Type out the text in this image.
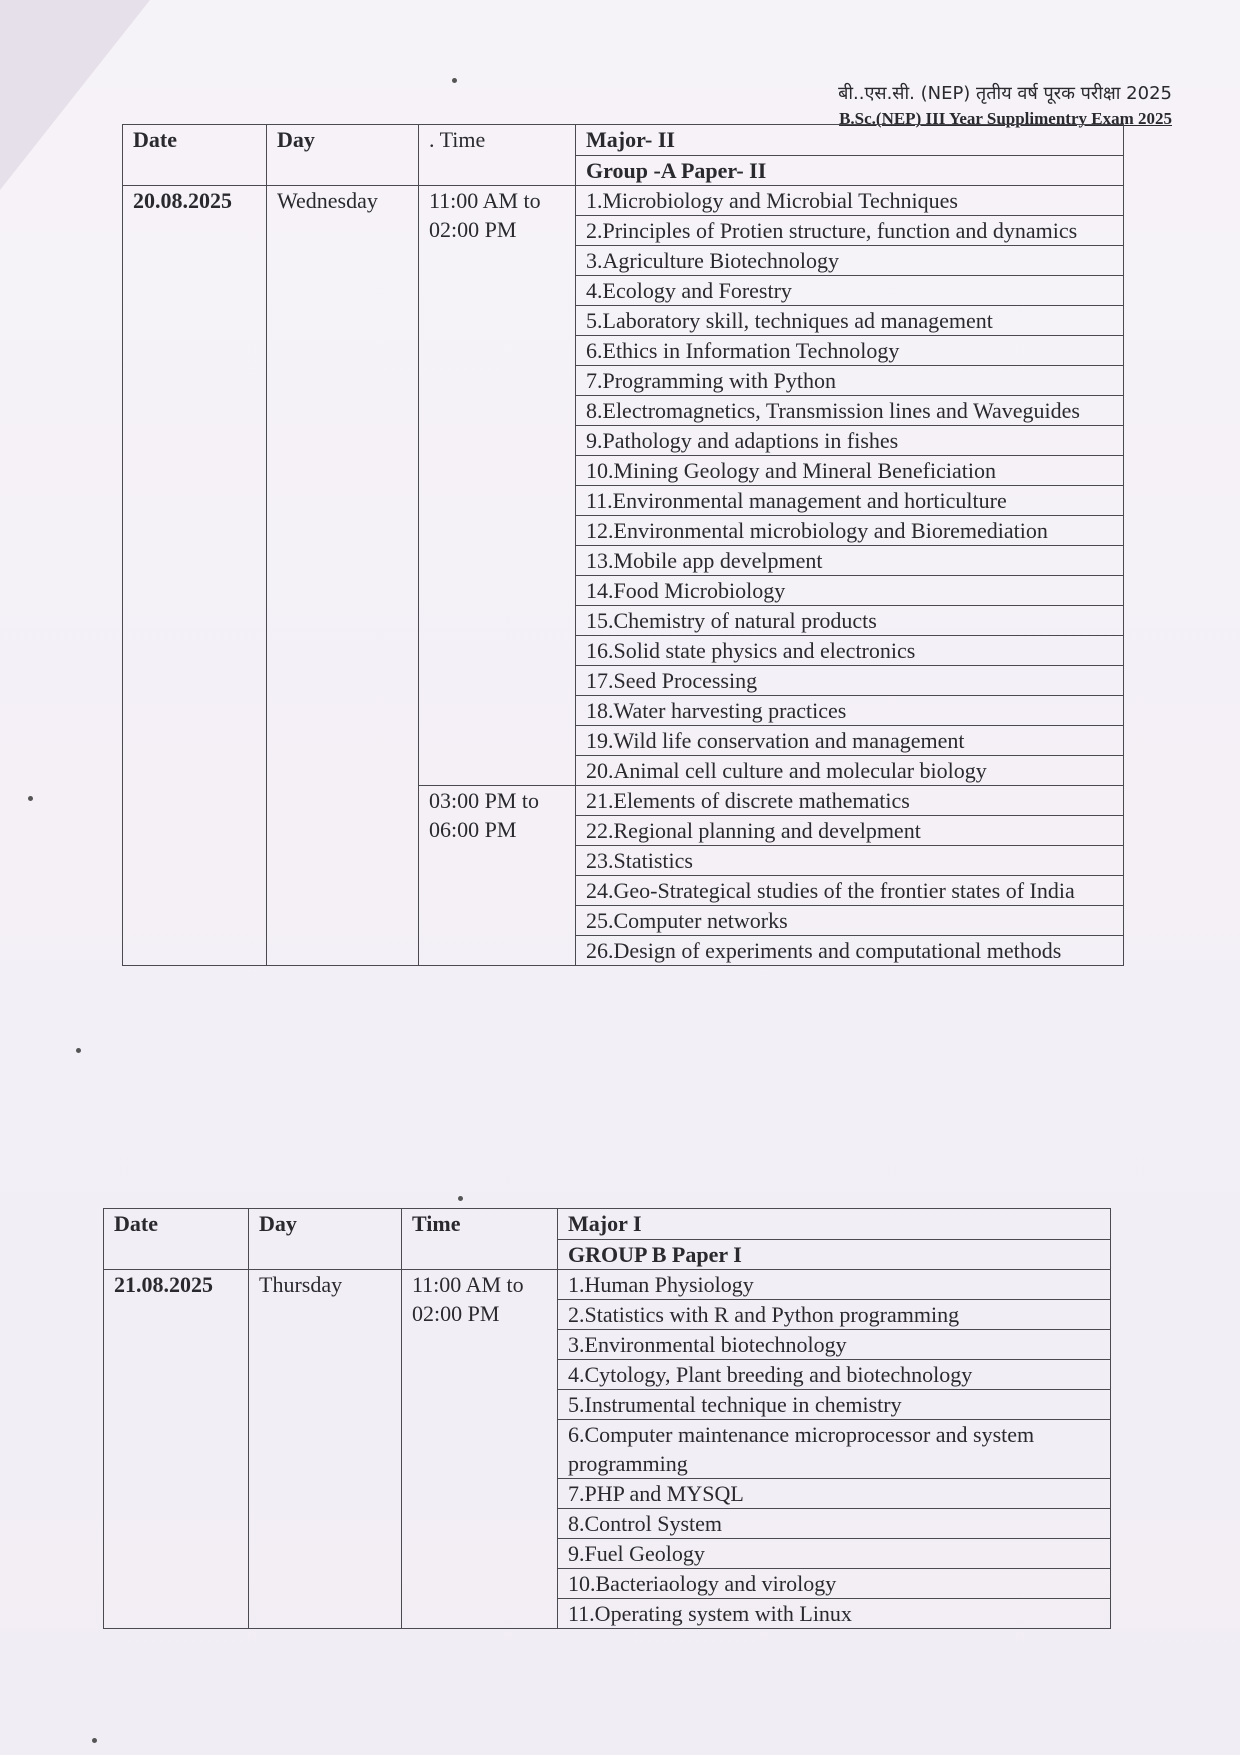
बी..एस.सी. (NEP) तृतीय वर्ष पूरक परीक्षा 2025
B.Sc.(NEP) III Year Supplimentry Exam 2025
Date	Day	. Time	Major- II
			Group -A Paper- II
20.08.2025	Wednesday	11:00 AM to 02:00 PM	1.Microbiology and Microbial Techniques
			2.Principles of Protien structure, function and dynamics
			3.Agriculture Biotechnology
			4.Ecology and Forestry
			5.Laboratory skill, techniques ad management
			6.Ethics in Information Technology
			7.Programming with Python
			8.Electromagnetics, Transmission lines and Waveguides
			9.Pathology and adaptions in fishes
			10.Mining Geology and Mineral Beneficiation
			11.Environmental management and horticulture
			12.Environmental microbiology and Bioremediation
			13.Mobile app develpment
			14.Food Microbiology
			15.Chemistry of natural products
			16.Solid state physics and electronics
			17.Seed Processing
			18.Water harvesting practices
			19.Wild life conservation and management
			20.Animal cell culture and molecular biology
		03:00 PM to 06:00 PM	21.Elements of discrete mathematics
			22.Regional planning and develpment
			23.Statistics
			24.Geo-Strategical studies of the frontier states of India
			25.Computer networks
			26.Design of experiments and computational methods
Date	Day	Time	Major I
			GROUP B Paper I
21.08.2025	Thursday	11:00 AM to 02:00 PM	1.Human Physiology
			2.Statistics with R and Python programming
			3.Environmental biotechnology
			4.Cytology, Plant breeding and biotechnology
			5.Instrumental technique in chemistry
			6.Computer maintenance microprocessor and system programming
			7.PHP and MYSQL
			8.Control System
			9.Fuel Geology
			10.Bacteriaology and virology
			11.Operating system with Linux
